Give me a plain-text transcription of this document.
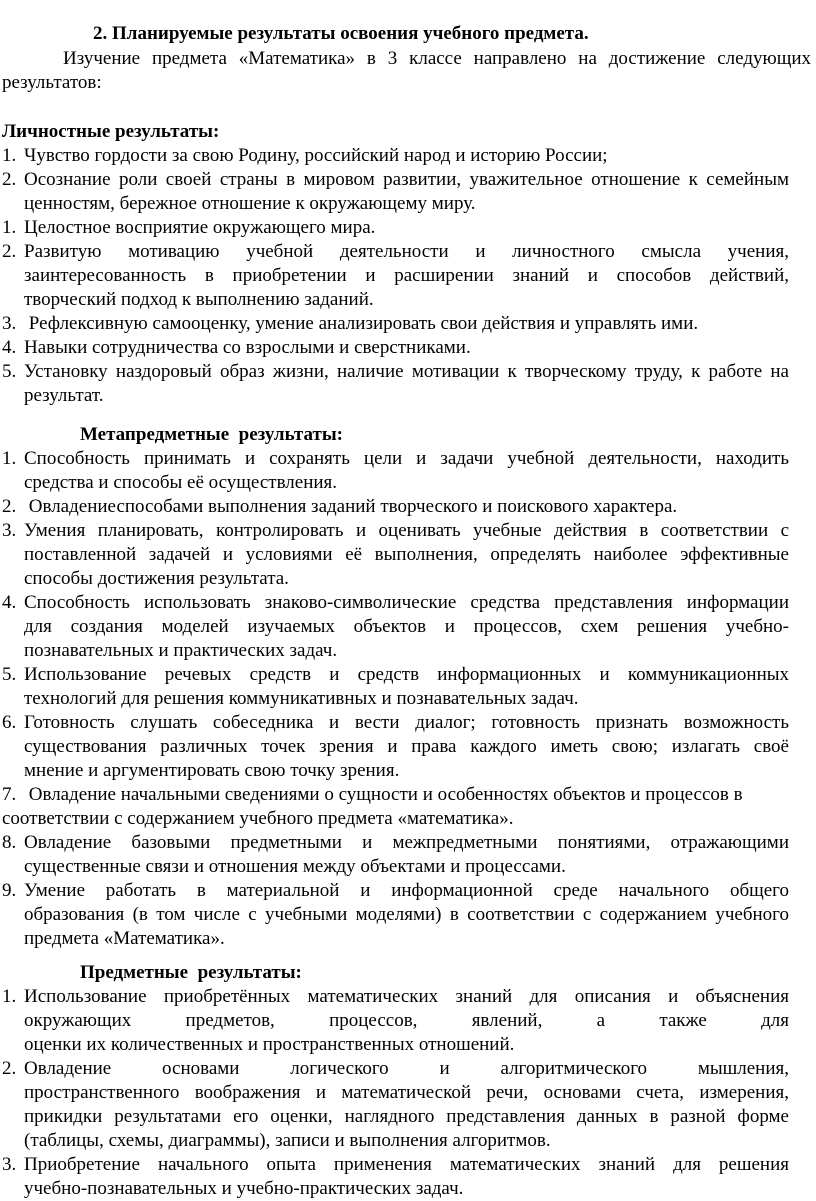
2. Планируемые результаты освоения учебного предмета.
Изучение предмета «Математика» в 3 классе направлено на достижение следующих
результатов:
Личностные результаты:
1. Чувство гордости за свою Родину, российский народ и историю России;
2. Осознание роли своей страны в мировом развитии, уважительное отношение к семейным
ценностям, бережное отношение к окружающему миру.
1. Целостное восприятие окружающего мира.
2. Развитую мотивацию учебной деятельности и личностного смысла учения,
заинтересованность в приобретении и расширении знаний и способов действий,
творческий подход к выполнению заданий.
3. Рефлексивную самооценку, умение анализировать свои действия и управлять ими.
4. Навыки сотрудничества со взрослыми и сверстниками.
5. Установку наздоровый образ жизни, наличие мотивации к творческому труду, к работе на
результат.
Метапредметные  результаты:
1. Способность принимать и сохранять цели и задачи учебной деятельности, находить
средства и способы её осуществления.
2. Овладениеспособами выполнения заданий творческого и поискового характера.
3. Умения планировать, контролировать и оценивать учебные действия в соответствии с
поставленной задачей и условиями её выполнения, определять наиболее эффективные
способы достижения результата.
4. Способность использовать знаково-символические средства представления информации
для создания моделей изучаемых объектов и процессов, схем решения учебно-
познавательных и практических задач.
5. Использование речевых средств и средств информационных и коммуникационных
технологий для решения коммуникативных и познавательных задач.
6. Готовность слушать собеседника и вести диалог; готовность признать возможность
существования различных точек зрения и права каждого иметь свою; излагать своё
мнение и аргументировать свою точку зрения.
7. Овладение начальными сведениями о сущности и особенностях объектов и процессов в
соответствии с содержанием учебного предмета «математика».
8. Овладение базовыми предметными и межпредметными понятиями, отражающими
существенные связи и отношения между объектами и процессами.
9. Умение работать в материальной и информационной среде начального общего
образования (в том числе с учебными моделями) в соответствии с содержанием учебного
предмета «Математика».
Предметные  результаты:
1. Использование приобретённых математических знаний для описания и объяснения
окружающих предметов, процессов, явлений, а также для
оценки их количественных и пространственных отношений.
2. Овладение основами логического и алгоритмического мышления,
пространственного воображения и математической речи, основами счета, измерения,
прикидки результатами его оценки, наглядного представления данных в разной форме
(таблицы, схемы, диаграммы), записи и выполнения алгоритмов.
3. Приобретение начального опыта применения математических знаний для решения
учебно-познавательных и учебно-практических задач.
